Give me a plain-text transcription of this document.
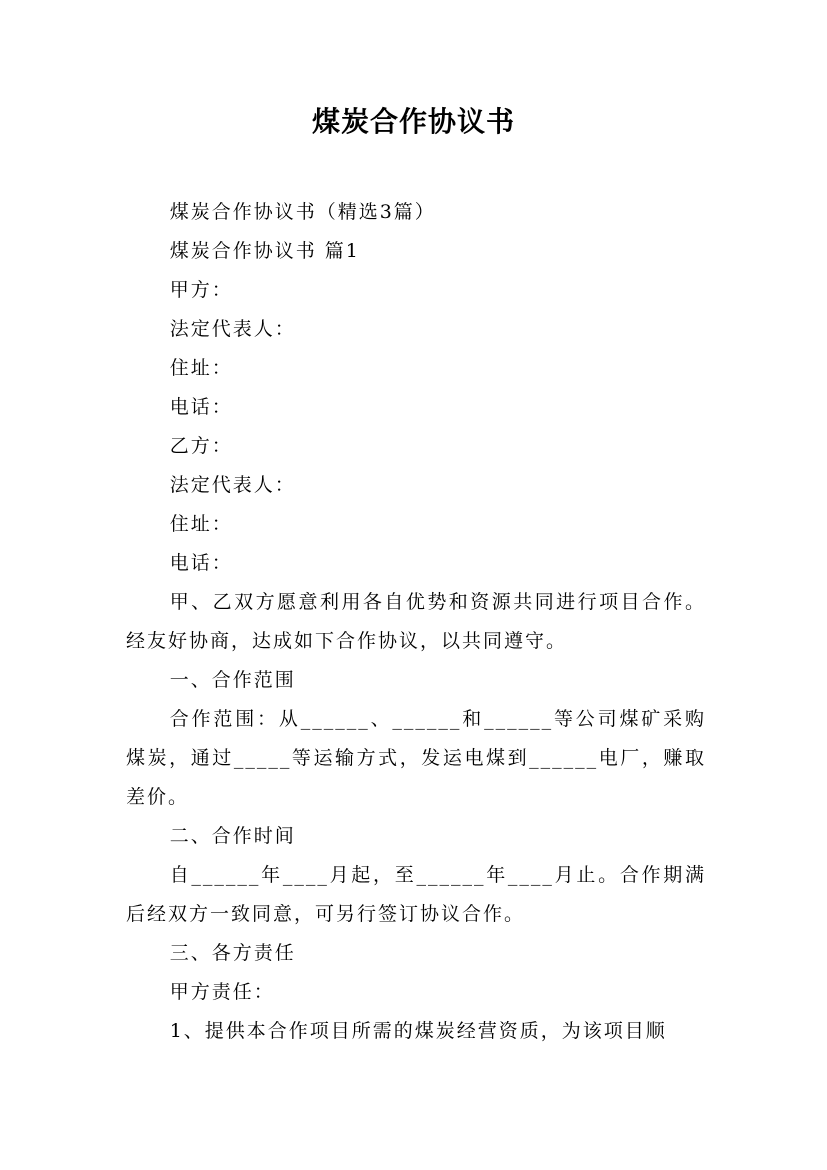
煤炭合作协议书

煤炭合作协议书（精选3篇）

煤炭合作协议书 篇1

甲方：

法定代表人：

住址：

电话：

乙方：

法定代表人：

住址：

电话：

甲、乙双方愿意利用各自优势和资源共同进行项目合作。经友好协商，达成如下合作协议，以共同遵守。

一、合作范围

合作范围：从______、______和______等公司煤矿采购煤炭，通过_____等运输方式，发运电煤到______电厂，赚取差价。

二、合作时间

自______年____月起，至______年____月止。合作期满后经双方一致同意，可另行签订协议合作。

三、各方责任

甲方责任：

1、提供本合作项目所需的煤炭经营资质，为该项目顺
